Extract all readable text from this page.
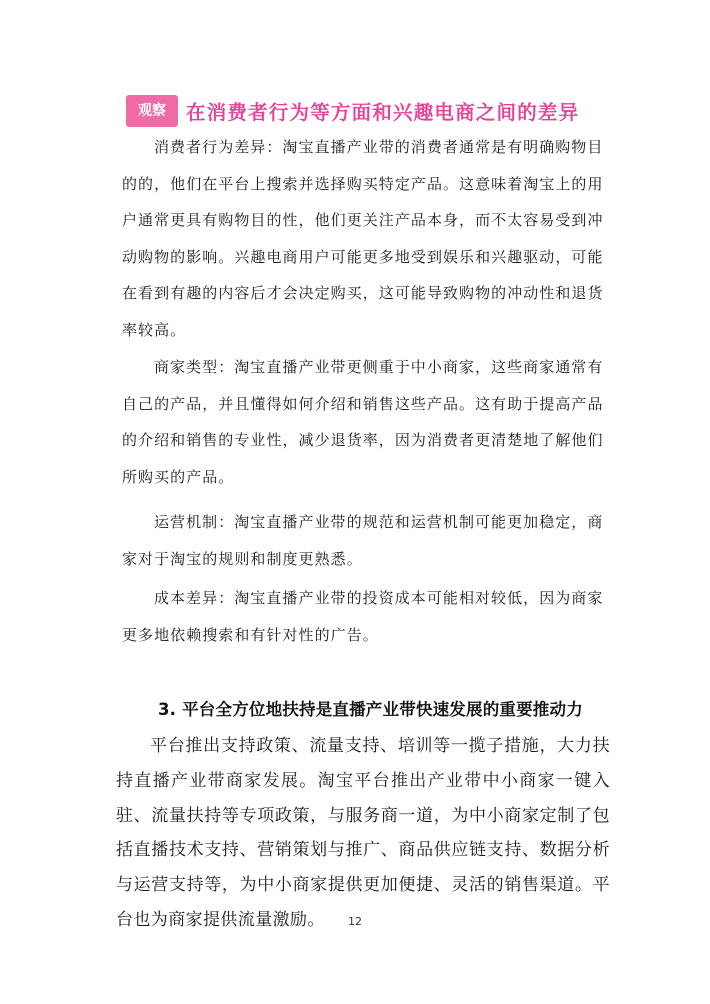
观察	在消费者行为等方面和兴趣电商之间的差异

消费者行为差异：淘宝直播产业带的消费者通常是有明确购物目的的，他们在平台上搜索并选择购买特定产品。这意味着淘宝上的用户通常更具有购物目的性，他们更关注产品本身，而不太容易受到冲动购物的影响。兴趣电商用户可能更多地受到娱乐和兴趣驱动，可能在看到有趣的内容后才会决定购买，这可能导致购物的冲动性和退货率较高。

商家类型：淘宝直播产业带更侧重于中小商家，这些商家通常有自己的产品，并且懂得如何介绍和销售这些产品。这有助于提高产品的介绍和销售的专业性，减少退货率，因为消费者更清楚地了解他们所购买的产品。

运营机制：淘宝直播产业带的规范和运营机制可能更加稳定，商家对于淘宝的规则和制度更熟悉。

成本差异：淘宝直播产业带的投资成本可能相对较低，因为商家更多地依赖搜索和有针对性的广告。

3. 平台全方位地扶持是直播产业带快速发展的重要推动力

平台推出支持政策、流量支持、培训等一揽子措施，大力扶持直播产业带商家发展。淘宝平台推出产业带中小商家一键入驻、流量扶持等专项政策，与服务商一道，为中小商家定制了包括直播技术支持、营销策划与推广、商品供应链支持、数据分析与运营支持等，为中小商家提供更加便捷、灵活的销售渠道。平台也为商家提供流量激励。	12
